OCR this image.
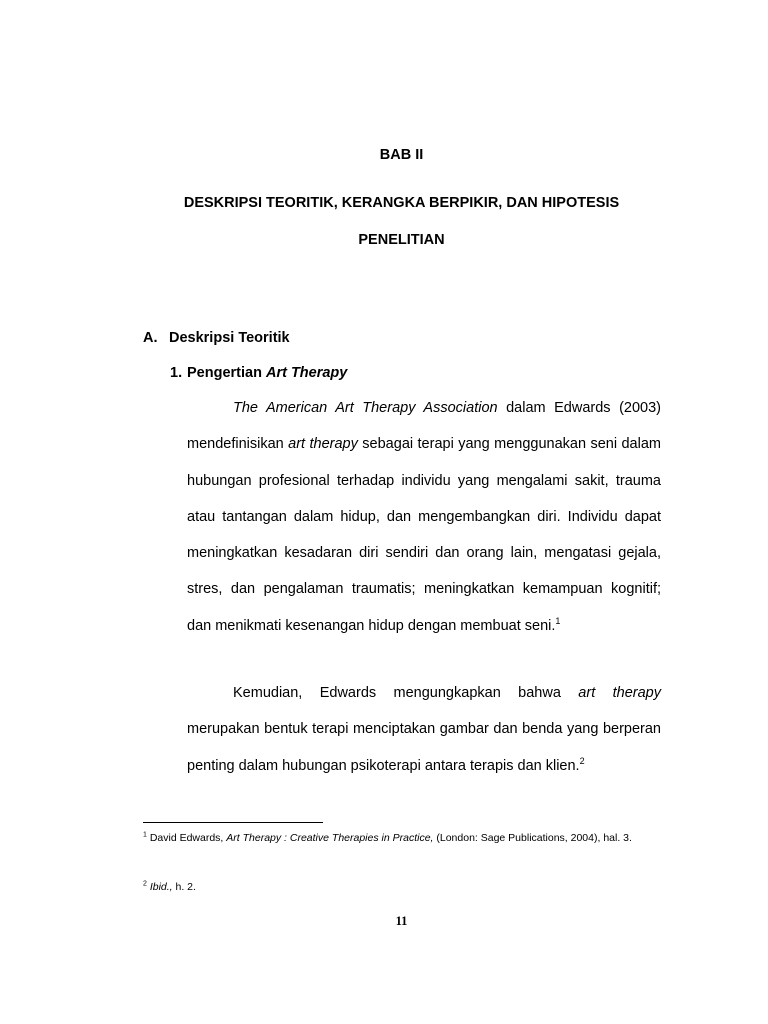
BAB II

DESKRIPSI TEORITIK, KERANGKA BERPIKIR, DAN HIPOTESIS

PENELITIAN

A. Deskripsi Teoritik

1. Pengertian Art Therapy

The American Art Therapy Association dalam Edwards (2003) mendefinisikan art therapy sebagai terapi yang menggunakan seni dalam hubungan profesional terhadap individu yang mengalami sakit, trauma atau tantangan dalam hidup, dan mengembangkan diri. Individu dapat meningkatkan kesadaran diri sendiri dan orang lain, mengatasi gejala, stres, dan pengalaman traumatis; meningkatkan kemampuan kognitif; dan menikmati kesenangan hidup dengan membuat seni.$^1$

Kemudian, Edwards mengungkapkan bahwa art therapy merupakan bentuk terapi menciptakan gambar dan benda yang berperan penting dalam hubungan psikoterapi antara terapis dan klien.$^2$

$^1$ David Edwards, Art Therapy : Creative Therapies in Practice, (London: Sage Publications, 2004), hal. 3.

$^2$ Ibid., h. 2.

11
